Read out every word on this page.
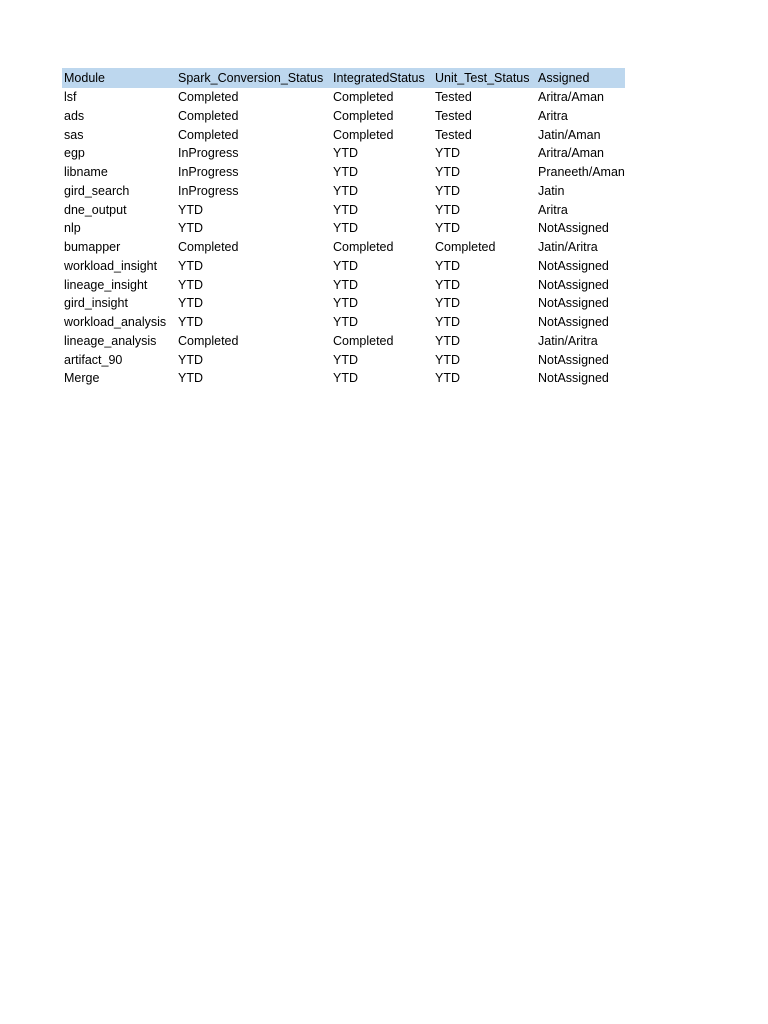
Module	Spark_Conversion_Status	IntegratedStatus	Unit_Test_Status	Assigned
lsf	Completed	Completed	Tested	Aritra/Aman
ads	Completed	Completed	Tested	Aritra
sas	Completed	Completed	Tested	Jatin/Aman
egp	InProgress	YTD	YTD	Aritra/Aman
libname	InProgress	YTD	YTD	Praneeth/Aman
gird_search	InProgress	YTD	YTD	Jatin
dne_output	YTD	YTD	YTD	Aritra
nlp	YTD	YTD	YTD	NotAssigned
bumapper	Completed	Completed	Completed	Jatin/Aritra
workload_insight	YTD	YTD	YTD	NotAssigned
lineage_insight	YTD	YTD	YTD	NotAssigned
gird_insight	YTD	YTD	YTD	NotAssigned
workload_analysis	YTD	YTD	YTD	NotAssigned
lineage_analysis	Completed	Completed	YTD	Jatin/Aritra
artifact_90	YTD	YTD	YTD	NotAssigned
Merge	YTD	YTD	YTD	NotAssigned
